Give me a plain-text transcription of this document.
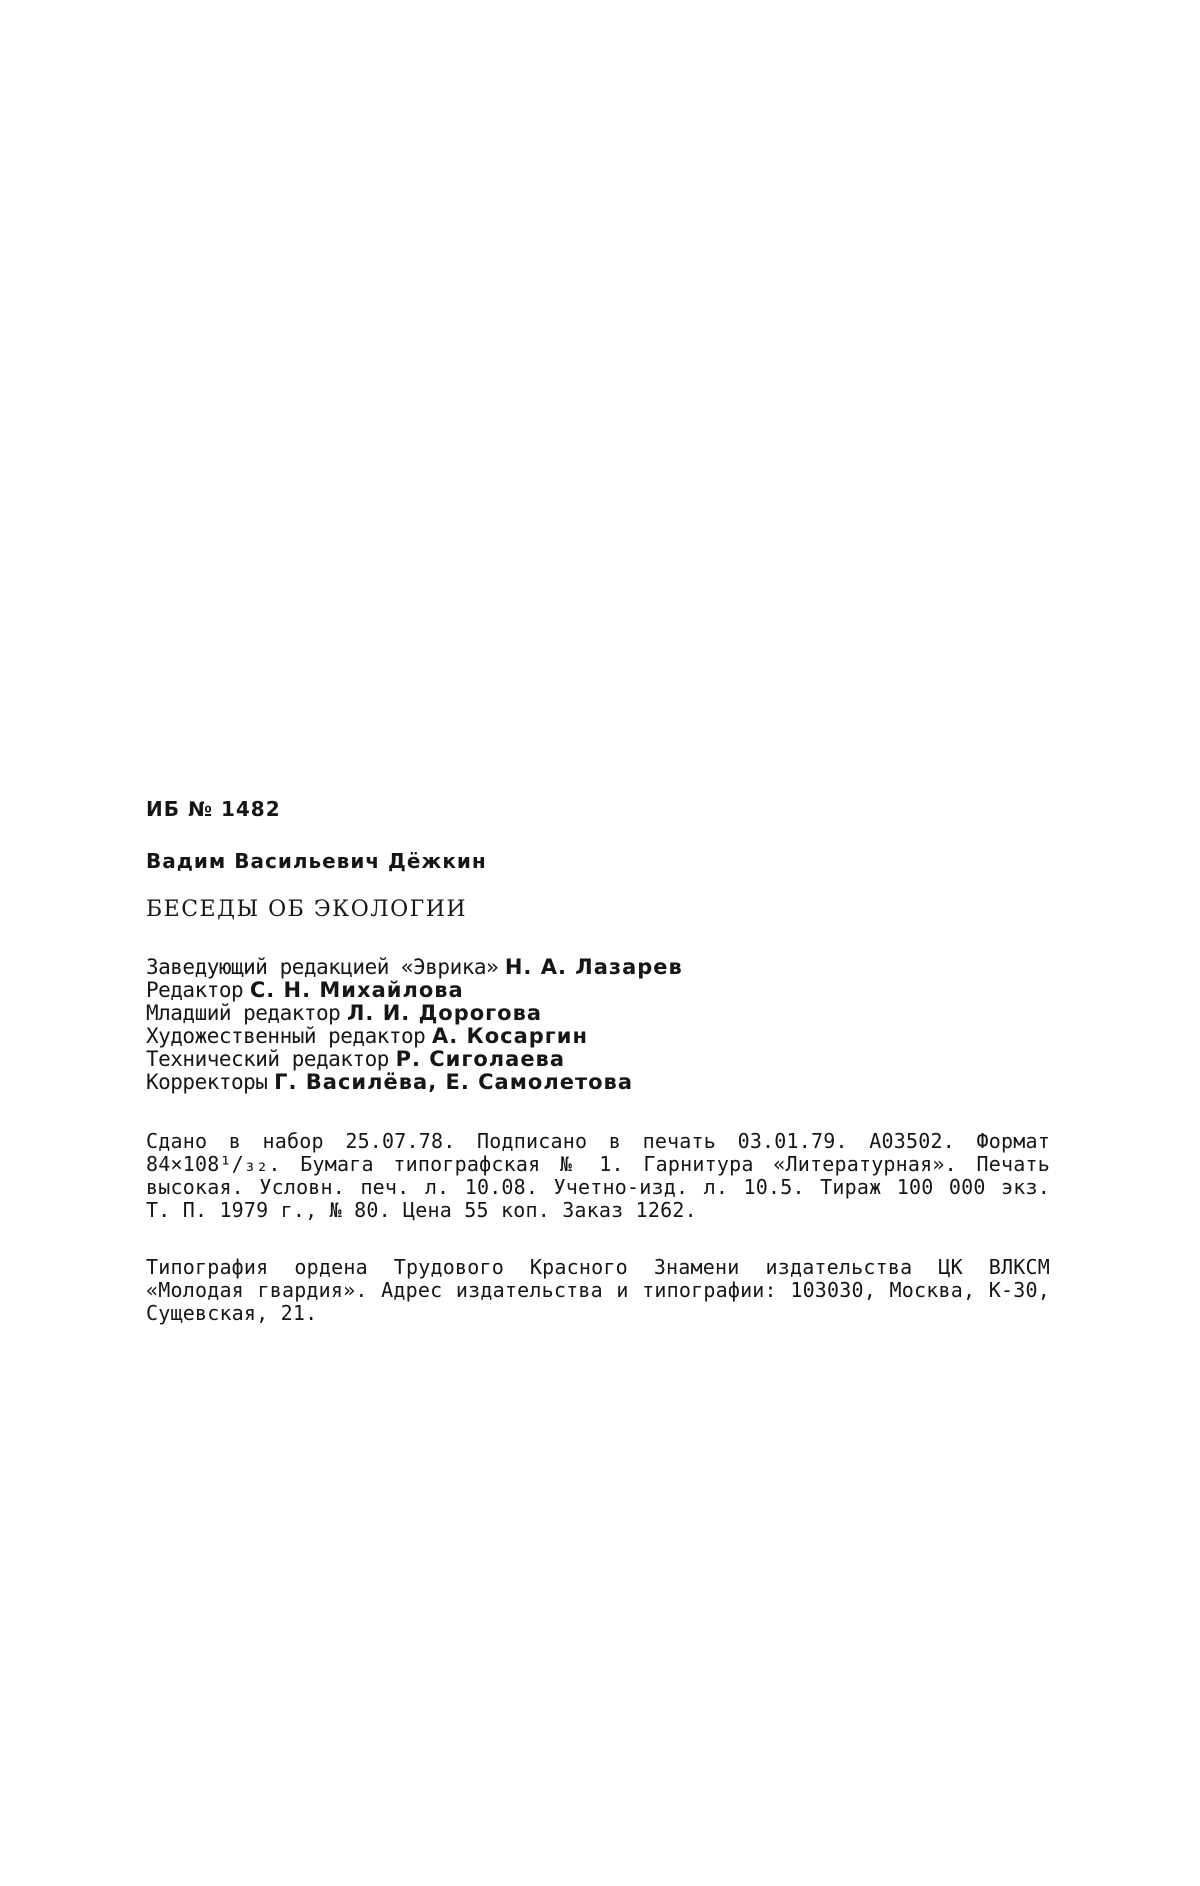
ИБ № 1482
Вадим Васильевич Дёжкин
БЕСЕДЫ ОБ ЭКОЛОГИИ
Заведующий редакцией «Эврика» Н. А. Лазарев
Редактор С. Н. Михайлова
Младший редактор Л. И. Дорогова
Художественный редактор А. Косаргин
Технический редактор Р. Сиголаева
Корректоры Г. Василёва, Е. Самолетова

Сдано в набор 25.07.78. Подписано в печать 03.01.79. А03502. Формат 84×108¹/₃₂. Бумага типографская № 1. Гарнитура «Литературная». Печать высокая. Условн. печ. л. 10.08. Учетно-изд. л. 10.5. Тираж 100 000 экз. Т. П. 1979 г., № 80. Цена 55 коп. Заказ 1262.

Типография ордена Трудового Красного Знамени издательства ЦК ВЛКСМ «Молодая гвардия». Адрес издательства и типографии: 103030, Москва, К-30, Сущевская, 21.
